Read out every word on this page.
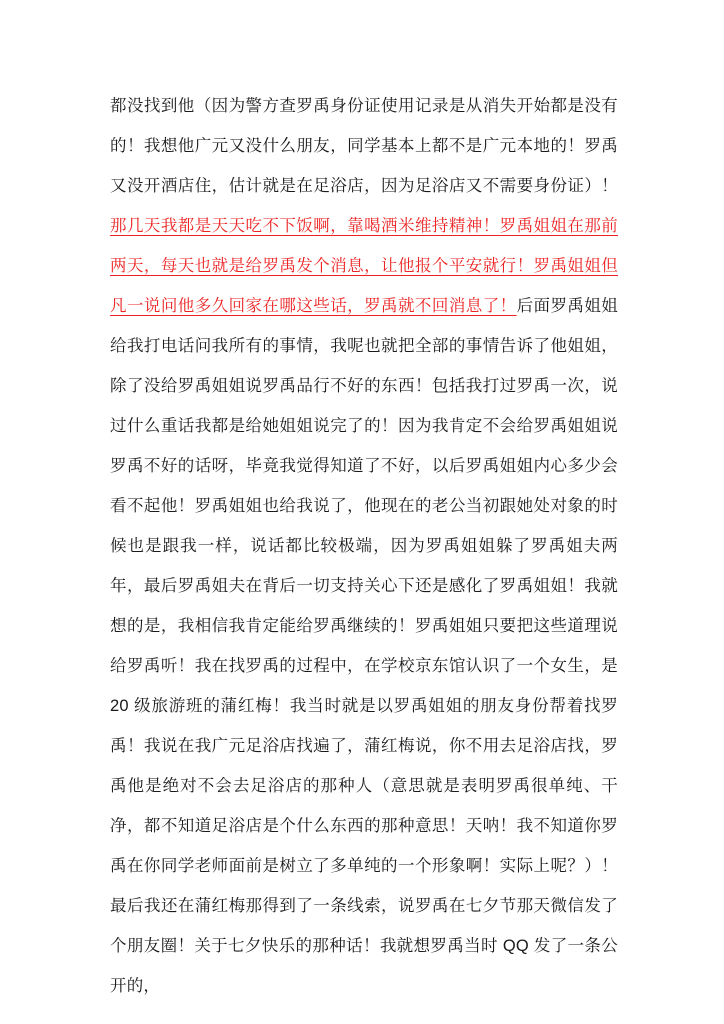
都没找到他（因为警方查罗禹身份证使用记录是从消失开始都是没有的！我想他广元又没什么朋友，同学基本上都不是广元本地的！罗禹又没开酒店住，估计就是在足浴店，因为足浴店又不需要身份证）！那几天我都是天天吃不下饭啊，靠喝酒米维持精神！罗禹姐姐在那前两天，每天也就是给罗禹发个消息，让他报个平安就行！罗禹姐姐但凡一说问他多久回家在哪这些话，罗禹就不回消息了！后面罗禹姐姐给我打电话问我所有的事情，我呢也就把全部的事情告诉了他姐姐，除了没给罗禹姐姐说罗禹品行不好的东西！包括我打过罗禹一次，说过什么重话我都是给她姐姐说完了的！因为我肯定不会给罗禹姐姐说罗禹不好的话呀，毕竟我觉得知道了不好，以后罗禹姐姐内心多少会看不起他！罗禹姐姐也给我说了，他现在的老公当初跟她处对象的时候也是跟我一样，说话都比较极端，因为罗禹姐姐躲了罗禹姐夫两年，最后罗禹姐夫在背后一切支持关心下还是感化了罗禹姐姐！我就想的是，我相信我肯定能给罗禹继续的！罗禹姐姐只要把这些道理说给罗禹听！我在找罗禹的过程中，在学校京东馆认识了一个女生，是 20 级旅游班的蒲红梅！我当时就是以罗禹姐姐的朋友身份帮着找罗禹！我说在我广元足浴店找遍了，蒲红梅说，你不用去足浴店找，罗禹他是绝对不会去足浴店的那种人（意思就是表明罗禹很单纯、干净，都不知道足浴店是个什么东西的那种意思！天呐！我不知道你罗禹在你同学老师面前是树立了多单纯的一个形象啊！实际上呢？）！最后我还在蒲红梅那得到了一条线索，说罗禹在七夕节那天微信发了个朋友圈！关于七夕快乐的那种话！我就想罗禹当时 QQ 发了一条公开的，
